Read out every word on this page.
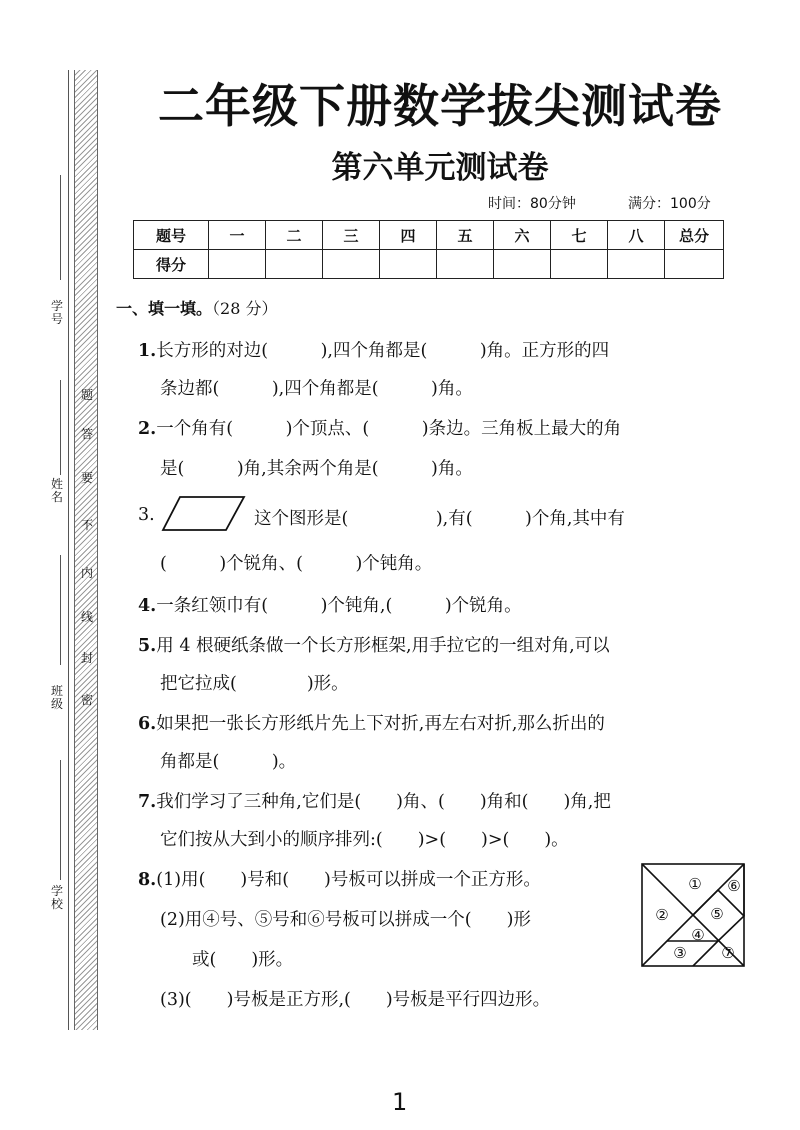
学号
姓名
班级
学校
题
答
要
不
内
线
封
密
二年级下册数学拔尖测试卷
第六单元测试卷
时间：80分钟	满分：100分
题号	一	二	三	四	五	六	七	八	总分
得分									
一、填一填。（28 分）
1.长方形的对边(　　　),四个角都是(　　　)角。正方形的四
条边都(　　　),四个角都是(　　　)角。
2.一个角有(　　　)个顶点、(　　　)条边。三角板上最大的角
是(　　　)角,其余两个角是(　　　)角。
3.	这个图形是(　　　　　),有(　　　)个角,其中有
(　　　)个锐角、(　　　)个钝角。
4.一条红领巾有(　　　)个钝角,(　　　)个锐角。
5.用 4 根硬纸条做一个长方形框架,用手拉它的一组对角,可以
把它拉成(　　　　)形。
6.如果把一张长方形纸片先上下对折,再左右对折,那么折出的
角都是(　　　)。
7.我们学习了三种角,它们是(　　)角、(　　)角和(　　)角,把
它们按从大到小的顺序排列:(　　)>(　　)>(　　)。
8.(1)用(　　)号和(　　)号板可以拼成一个正方形。
(2)用④号、⑤号和⑥号板可以拼成一个(　　)形
或(　　)形。
(3)(　　)号板是正方形,(　　)号板是平行四边形。
①
②
③
④
⑤
⑥
⑦
1
